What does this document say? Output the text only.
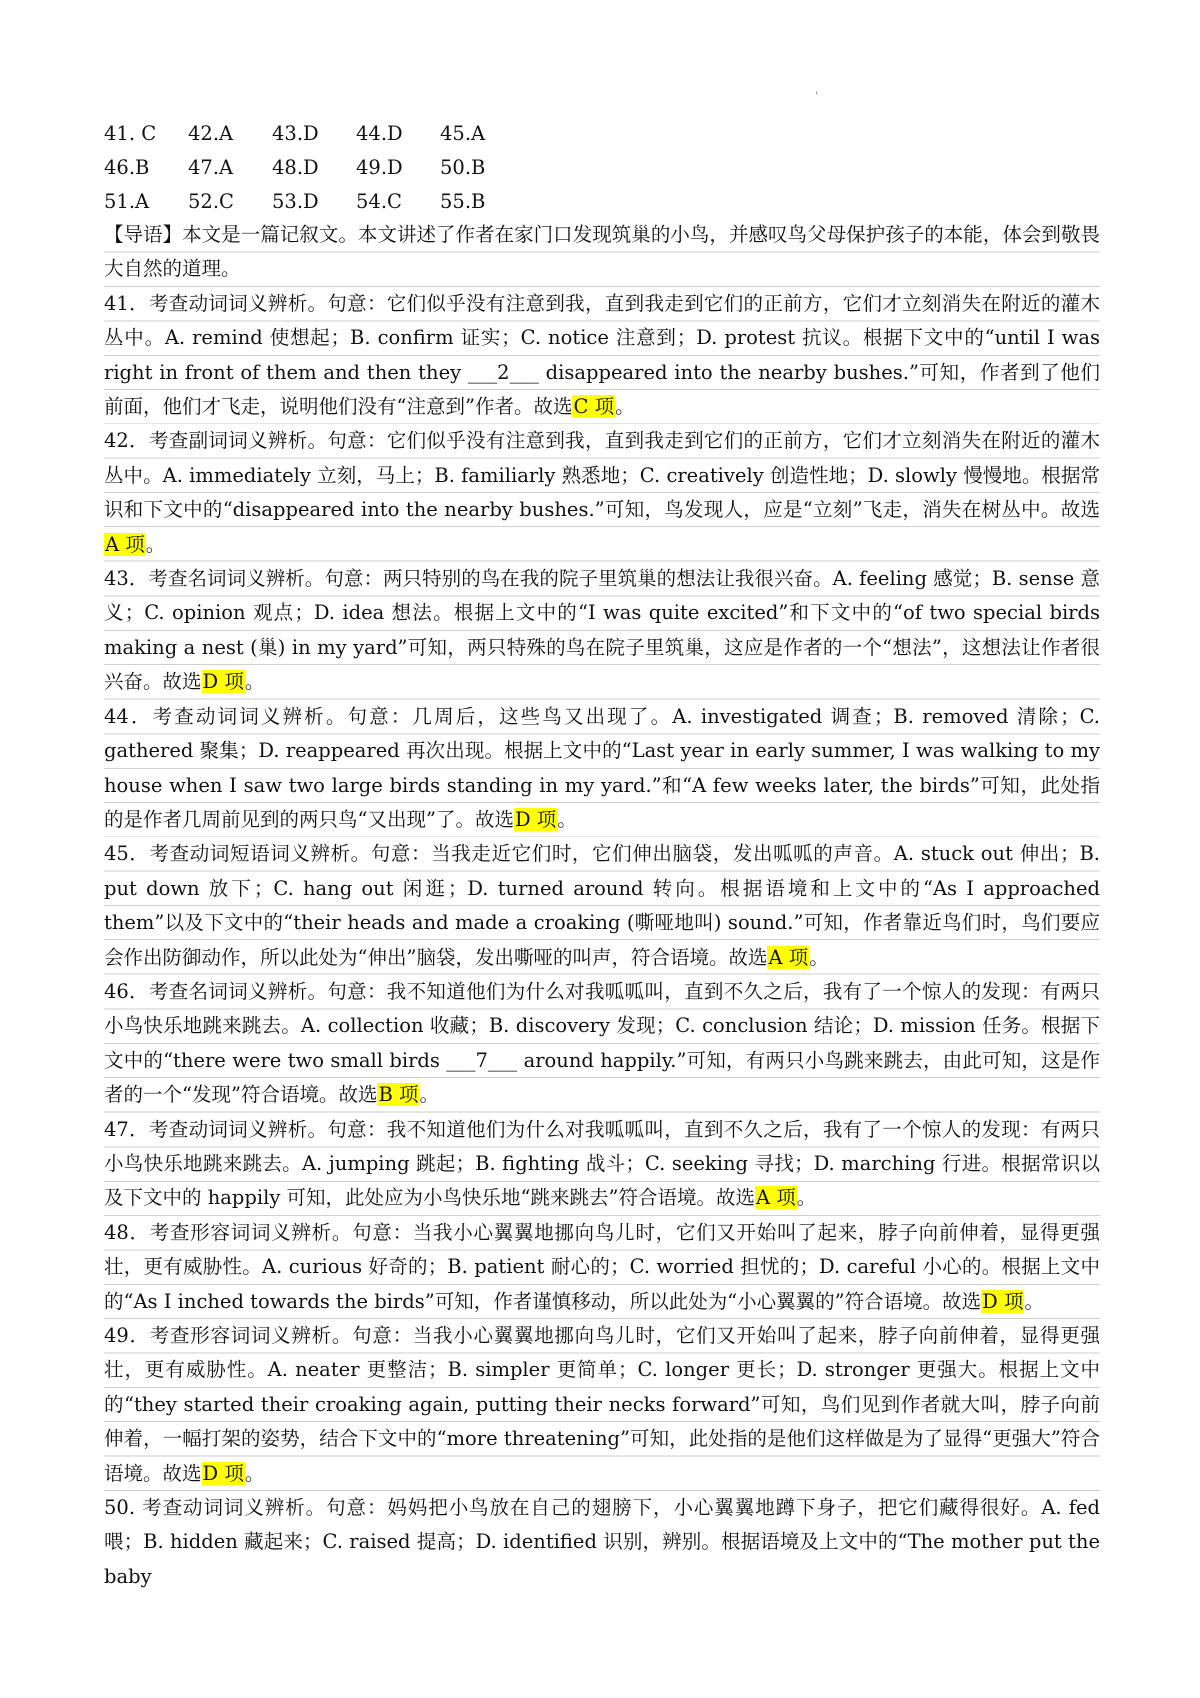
'
41. C	42.A	43.D	44.D	45.A
46.B	47.A	48.D	49.D	50.B
51.A	52.C	53.D	54.C	55.B

【导语】本文是一篇记叙文。本文讲述了作者在家门口发现筑巢的小鸟，并感叹鸟父母保护孩子的本能，体会到敬畏大自然的道理。

41．考查动词词义辨析。句意：它们似乎没有注意到我，直到我走到它们的正前方，它们才立刻消失在附近的灌木丛中。A. remind 使想起；B. confirm 证实；C. notice 注意到；D. protest 抗议。根据下文中的“until I was right in front of them and then they ___2___ disappeared into the nearby bushes.”可知，作者到了他们前面，他们才飞走，说明他们没有“注意到”作者。故选C 项。

42．考查副词词义辨析。句意：它们似乎没有注意到我，直到我走到它们的正前方，它们才立刻消失在附近的灌木丛中。A. immediately 立刻，马上；B. familiarly 熟悉地；C. creatively 创造性地；D. slowly 慢慢地。根据常识和下文中的“disappeared into the nearby bushes.”可知，鸟发现人，应是“立刻”飞走，消失在树丛中。故选A 项。

43．考查名词词义辨析。句意：两只特别的鸟在我的院子里筑巢的想法让我很兴奋。A. feeling 感觉；B. sense 意义；C. opinion 观点；D. idea 想法。根据上文中的“I was quite excited”和下文中的“of two special birds making a nest (巢) in my yard”可知，两只特殊的鸟在院子里筑巢，这应是作者的一个“想法”，这想法让作者很兴奋。故选D 项。

44．考查动词词义辨析。句意：几周后，这些鸟又出现了。A. investigated 调查；B. removed 清除；C. gathered 聚集；D. reappeared 再次出现。根据上文中的“Last year in early summer, I was walking to my house when I saw two large birds standing in my yard.”和“A few weeks later, the birds”可知，此处指的是作者几周前见到的两只鸟“又出现”了。故选D 项。

45．考查动词短语词义辨析。句意：当我走近它们时，它们伸出脑袋，发出呱呱的声音。A. stuck out 伸出；B. put down 放下；C. hang out 闲逛；D. turned around 转向。根据语境和上文中的“As I approached them”以及下文中的“their heads and made a croaking (嘶哑地叫) sound.”可知，作者靠近鸟们时，鸟们要应会作出防御动作，所以此处为“伸出”脑袋，发出嘶哑的叫声，符合语境。故选A 项。

46．考查名词词义辨析。句意：我不知道他们为什么对我呱呱叫，直到不久之后，我有了一个惊人的发现：有两只小鸟快乐地跳来跳去。A. collection 收藏；B. discovery 发现；C. conclusion 结论；D. mission 任务。根据下文中的“there were two small birds ___7___ around happily.”可知，有两只小鸟跳来跳去，由此可知，这是作者的一个“发现”符合语境。故选B 项。

47．考查动词词义辨析。句意：我不知道他们为什么对我呱呱叫，直到不久之后，我有了一个惊人的发现：有两只小鸟快乐地跳来跳去。A. jumping 跳起；B. fighting 战斗；C. seeking 寻找；D. marching 行进。根据常识以及下文中的 happily 可知，此处应为小鸟快乐地“跳来跳去”符合语境。故选A 项。

48．考查形容词词义辨析。句意：当我小心翼翼地挪向鸟儿时，它们又开始叫了起来，脖子向前伸着，显得更强壮，更有威胁性。A. curious 好奇的；B. patient 耐心的；C. worried 担忧的；D. careful 小心的。根据上文中的“As I inched towards the birds”可知，作者谨慎移动，所以此处为“小心翼翼的”符合语境。故选D 项。

49．考查形容词词义辨析。句意：当我小心翼翼地挪向鸟儿时，它们又开始叫了起来，脖子向前伸着，显得更强壮，更有威胁性。A. neater 更整洁；B. simpler 更简单；C. longer 更长；D. stronger 更强大。根据上文中的“they started their croaking again, putting their necks forward”可知，鸟们见到作者就大叫，脖子向前伸着，一幅打架的姿势，结合下文中的“more threatening”可知，此处指的是他们这样做是为了显得“更强大”符合语境。故选D 项。

50. 考查动词词义辨析。句意：妈妈把小鸟放在自己的翅膀下，小心翼翼地蹲下身子，把它们藏得很好。A. fed 喂；B. hidden 藏起来；C. raised 提高；D. identified 识别，辨别。根据语境及上文中的“The mother put the baby
